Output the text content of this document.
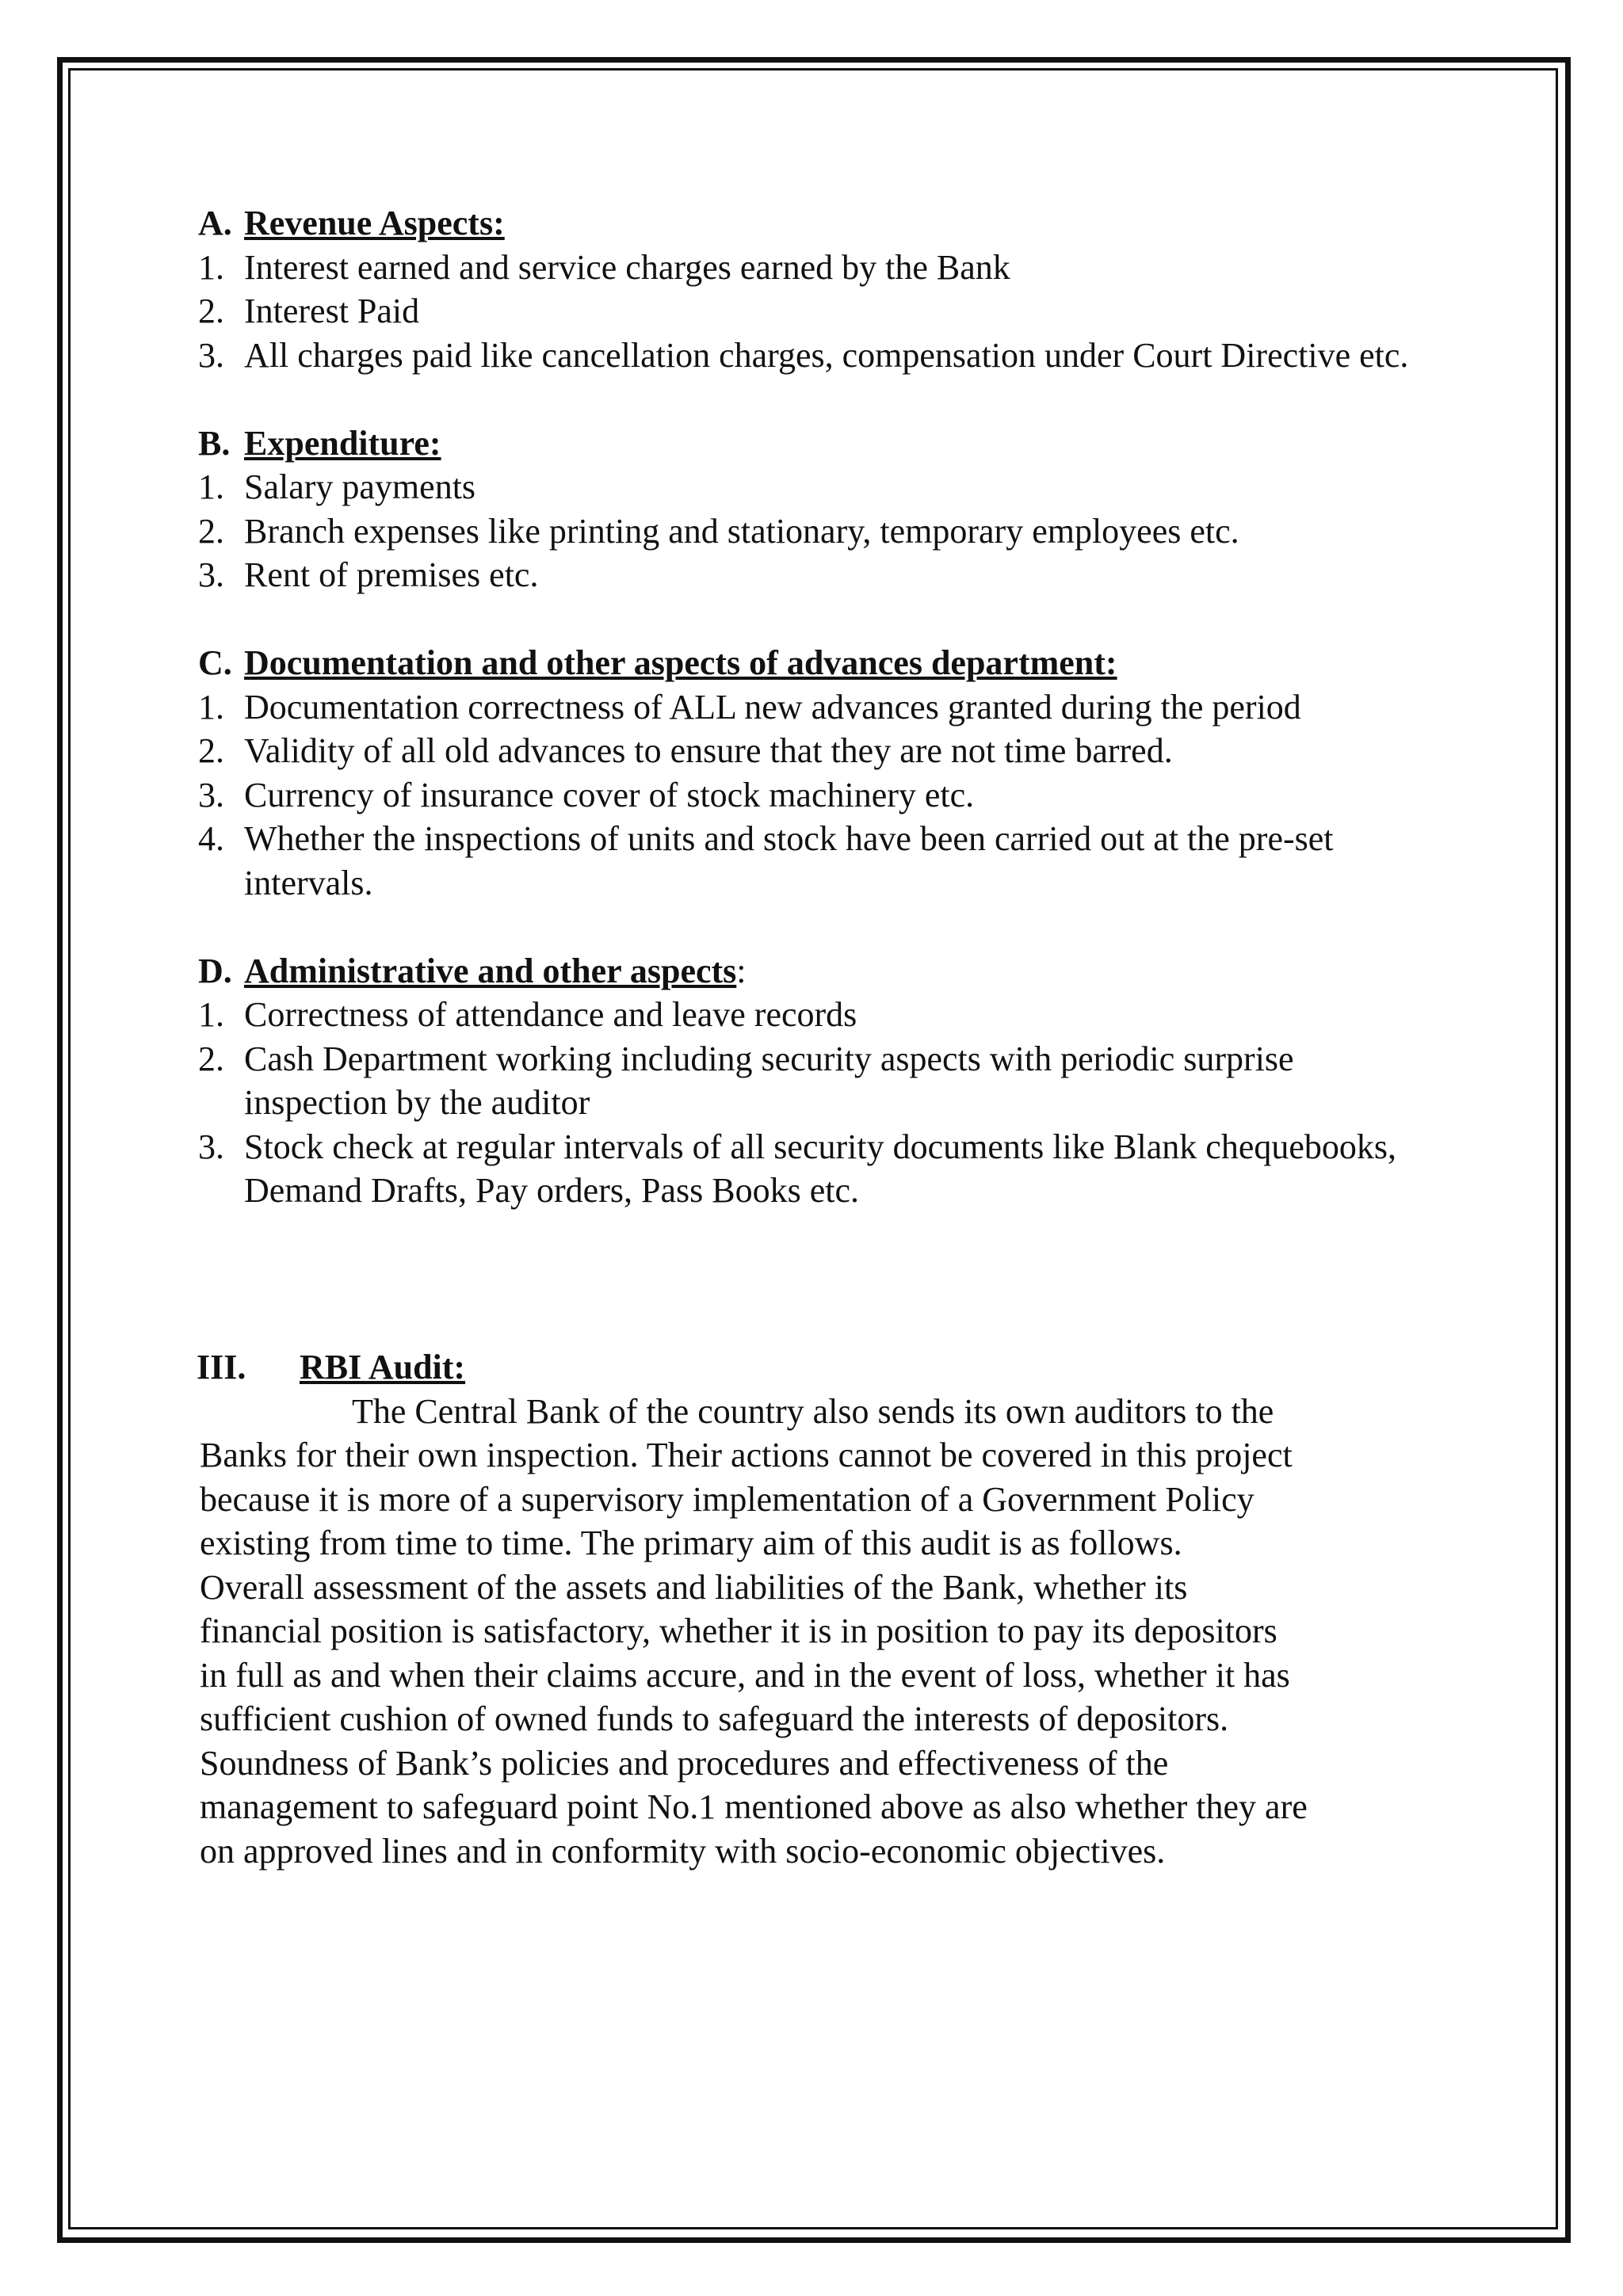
A. Revenue Aspects:
1. Interest earned and service charges earned by the Bank
2. Interest Paid
3. All charges paid like cancellation charges, compensation under Court Directive etc.
B. Expenditure:
1. Salary payments
2. Branch expenses like printing and stationary, temporary employees etc.
3. Rent of premises etc.
C. Documentation and other aspects of advances department:
1. Documentation correctness of ALL new advances granted during the period
2. Validity of all old advances to ensure that they are not time barred.
3. Currency of insurance cover of stock machinery etc.
4. Whether the inspections of units and stock have been carried out at the pre-set intervals.
D. Administrative and other aspects:
1. Correctness of attendance and leave records
2. Cash Department working including security aspects with periodic surprise inspection by the auditor
3. Stock check at regular intervals of all security documents like Blank chequebooks, Demand Drafts, Pay orders, Pass Books etc.
III.	RBI Audit:
The Central Bank of the country also sends its own auditors to the
Banks for their own inspection. Their actions cannot be covered in this project
because it is more of a supervisory implementation of a Government Policy
existing from time to time. The primary aim of this audit is as follows.
Overall assessment of the assets and liabilities of the Bank, whether its
financial position is satisfactory, whether it is in position to pay its depositors
in full as and when their claims accure, and in the event of loss, whether it has
sufficient cushion of owned funds to safeguard the interests of depositors.
Soundness of Bank’s policies and procedures and effectiveness of the
management to safeguard point No.1 mentioned above as also whether they are
on approved lines and in conformity with socio-economic objectives.
